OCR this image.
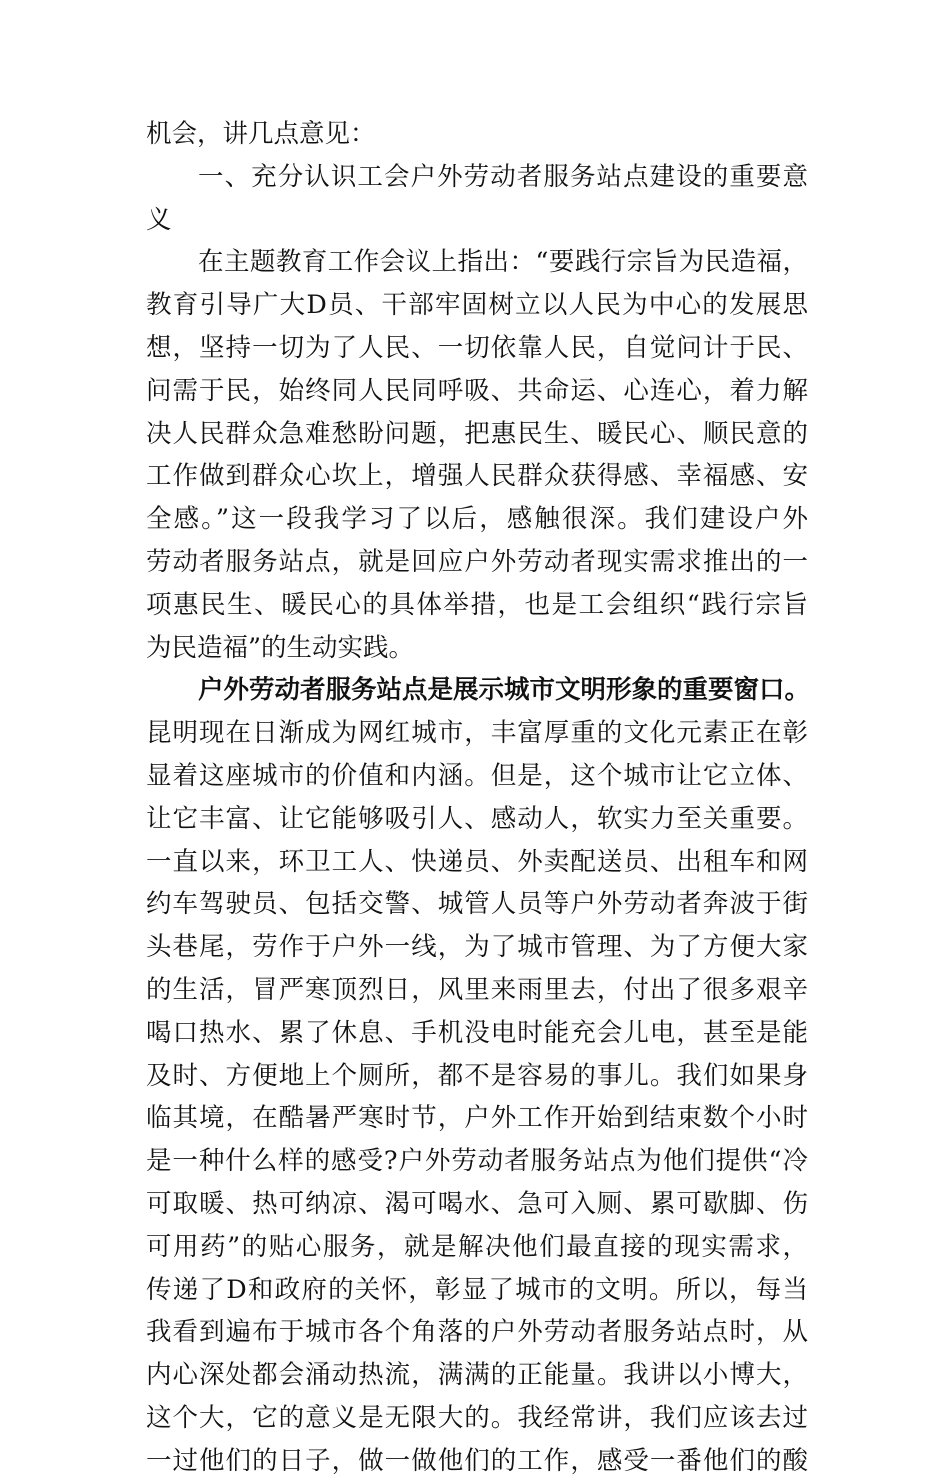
机会，讲几点意见：
一、充分认识工会户外劳动者服务站点建设的重要意
义
在主题教育工作会议上指出：“要践行宗旨为民造福，
教育引导广大D员、干部牢固树立以人民为中心的发展思
想，坚持一切为了人民、一切依靠人民，自觉问计于民、
问需于民，始终同人民同呼吸、共命运、心连心，着力解
决人民群众急难愁盼问题，把惠民生、暖民心、顺民意的
工作做到群众心坎上，增强人民群众获得感、幸福感、安
全感。”这一段我学习了以后，感触很深。我们建设户外
劳动者服务站点，就是回应户外劳动者现实需求推出的一
项惠民生、暖民心的具体举措，也是工会组织“践行宗旨
为民造福”的生动实践。
户外劳动者服务站点是展示城市文明形象的重要窗口。
昆明现在日渐成为网红城市，丰富厚重的文化元素正在彰
显着这座城市的价值和内涵。但是，这个城市让它立体、
让它丰富、让它能够吸引人、感动人，软实力至关重要。
一直以来，环卫工人、快递员、外卖配送员、出租车和网
约车驾驶员、包括交警、城管人员等户外劳动者奔波于街
头巷尾，劳作于户外一线，为了城市管理、为了方便大家
的生活，冒严寒顶烈日，风里来雨里去，付出了很多艰辛
喝口热水、累了休息、手机没电时能充会儿电，甚至是能
及时、方便地上个厕所，都不是容易的事儿。我们如果身
临其境，在酷暑严寒时节，户外工作开始到结束数个小时
是一种什么样的感受?户外劳动者服务站点为他们提供“冷
可取暖、热可纳凉、渴可喝水、急可入厕、累可歇脚、伤
可用药”的贴心服务，就是解决他们最直接的现实需求，
传递了D和政府的关怀，彰显了城市的文明。所以，每当
我看到遍布于城市各个角落的户外劳动者服务站点时，从
内心深处都会涌动热流，满满的正能量。我讲以小博大，
这个大，它的意义是无限大的。我经常讲，我们应该去过
一过他们的日子，做一做他们的工作，感受一番他们的酸
